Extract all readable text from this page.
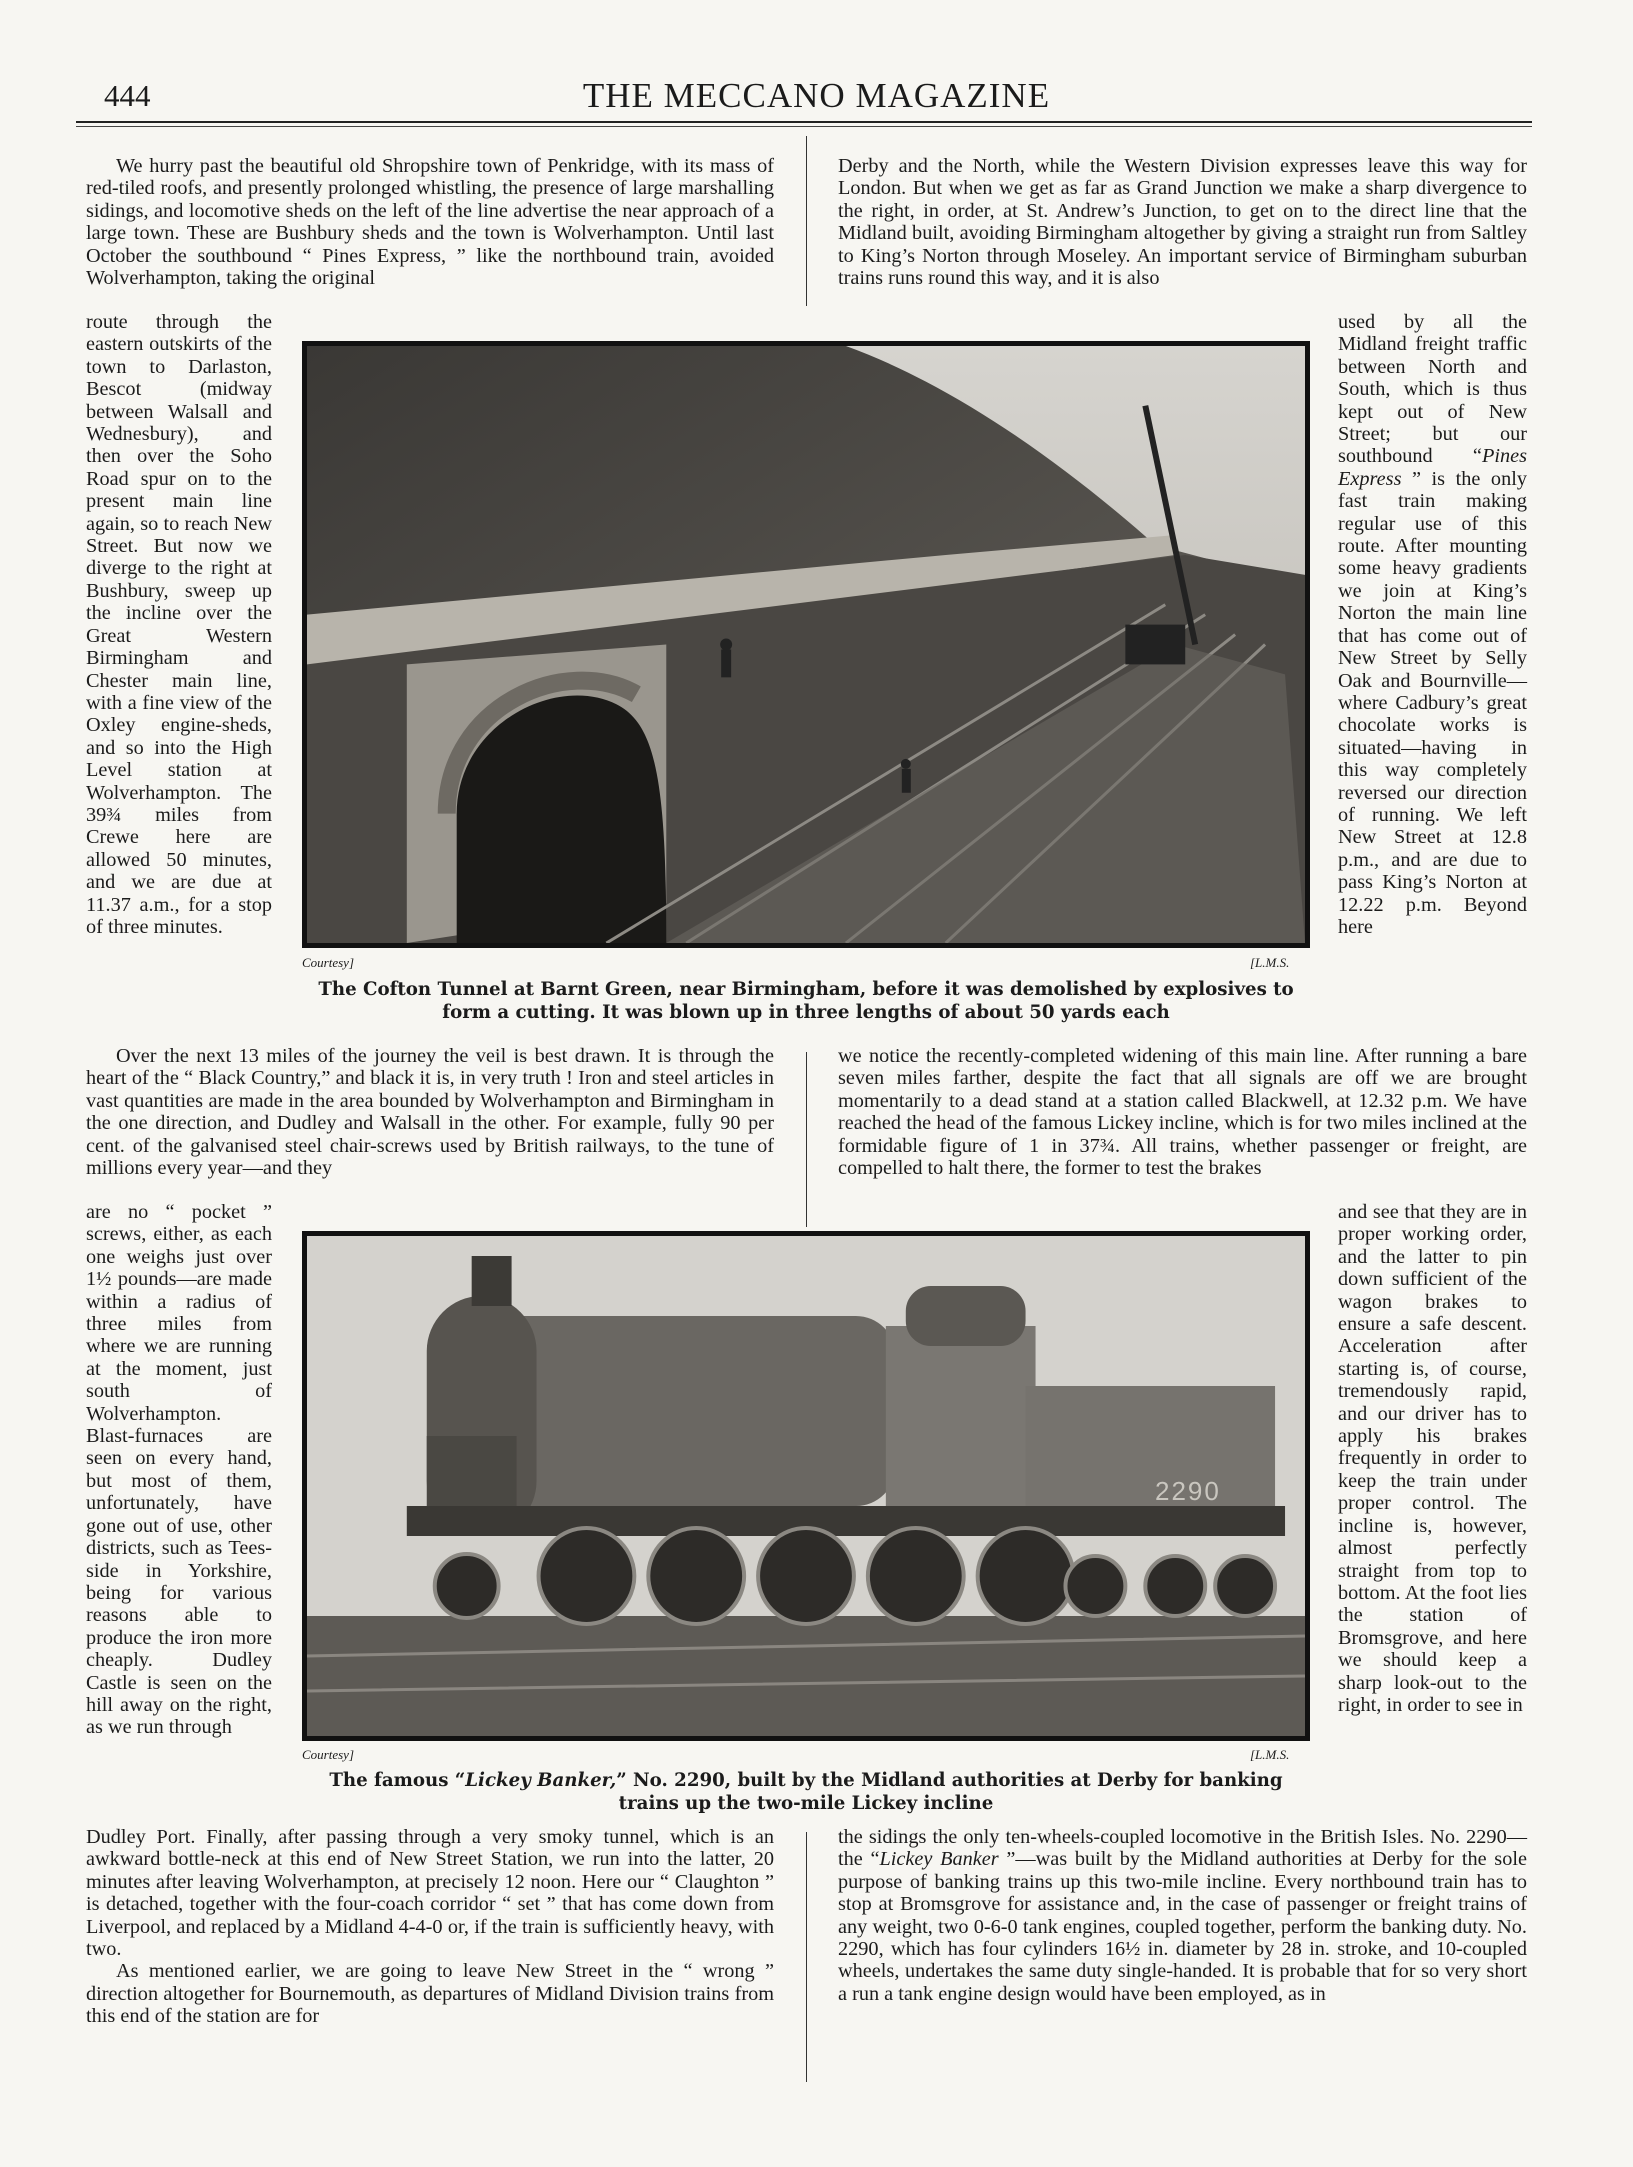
444	THE MECCANO MAGAZINE

We hurry past the beautiful old Shropshire town of Penkridge, with its mass of red-tiled roofs, and presently prolonged whistling, the presence of large marshalling sidings, and locomotive sheds on the left of the line advertise the near approach of a large town. These are Bushbury sheds and the town is Wolverhampton. Until last October the southbound “ Pines Express, ” like the northbound train, avoided Wolverhampton, taking the original

route through the eastern outskirts of the town to Darlaston, Bescot (midway between Walsall and Wednesbury), and then over the Soho Road spur on to the present main line again, so to reach New Street. But now we diverge to the right at Bushbury, sweep up the incline over the Great Western Birmingham and Chester main line, with a fine view of the Oxley engine-sheds, and so into the High Level station at Wolverhampton. The 39¾ miles from Crewe here are allowed 50 minutes, and we are due at 11.37 a.m., for a stop of three minutes.

Derby and the North, while the Western Division expresses leave this way for London. But when we get as far as Grand Junction we make a sharp divergence to the right, in order, at St. Andrew’s Junction, to get on to the direct line that the Midland built, avoiding Birmingham altogether by giving a straight run from Saltley to King’s Norton through Moseley. An important service of Birmingham suburban trains runs round this way, and it is also

used by all the Midland freight traffic between North and South, which is thus kept out of New Street; but our southbound “Pines Express ” is the only fast train making regular use of this route. After mounting some heavy gradients we join at King’s Norton the main line that has come out of New Street by Selly Oak and Bournville—where Cadbury’s great chocolate works is situated—having in this way completely reversed our direction of running. We left New Street at 12.8 p.m., and are due to pass King’s Norton at 12.22 p.m. Beyond here

Courtesy]	[L.M.S.
The Cofton Tunnel at Barnt Green, near Birmingham, before it was demolished by explosives to form a cutting. It was blown up in three lengths of about 50 yards each

Over the next 13 miles of the journey the veil is best drawn. It is through the heart of the “ Black Country,” and black it is, in very truth ! Iron and steel articles in vast quantities are made in the area bounded by Wolverhampton and Birmingham in the one direction, and Dudley and Walsall in the other. For example, fully 90 per cent. of the galvanised steel chair-screws used by British railways, to the tune of millions every year—and they

we notice the recently-completed widening of this main line. After running a bare seven miles farther, despite the fact that all signals are off we are brought momentarily to a dead stand at a station called Blackwell, at 12.32 p.m. We have reached the head of the famous Lickey incline, which is for two miles inclined at the formidable figure of 1 in 37¾. All trains, whether passenger or freight, are compelled to halt there, the former to test the brakes

are no “ pocket ” screws, either, as each one weighs just over 1½ pounds—are made within a radius of three miles from where we are running at the moment, just south of Wolverhampton. Blast-furnaces are seen on every hand, but most of them, unfortunately, have gone out of use, other districts, such as Tees-side in Yorkshire, being for various reasons able to produce the iron more cheaply. Dudley Castle is seen on the hill away on the right, as we run through

and see that they are in proper working order, and the latter to pin down sufficient of the wagon brakes to ensure a safe descent. Acceleration after starting is, of course, tremendously rapid, and our driver has to apply his brakes frequently in order to keep the train under proper control. The incline is, however, almost perfectly straight from top to bottom. At the foot lies the station of Bromsgrove, and here we should keep a sharp look-out to the right, in order to see in

2290
Courtesy]	[L.M.S.
The famous “Lickey Banker,” No. 2290, built by the Midland authorities at Derby for banking trains up the two-mile Lickey incline

Dudley Port. Finally, after passing through a very smoky tunnel, which is an awkward bottle-neck at this end of New Street Station, we run into the latter, 20 minutes after leaving Wolverhampton, at precisely 12 noon. Here our “ Claughton ” is detached, together with the four-coach corridor “ set ” that has come down from Liverpool, and replaced by a Midland 4-4-0 or, if the train is sufficiently heavy, with two.

As mentioned earlier, we are going to leave New Street in the “ wrong ” direction altogether for Bournemouth, as departures of Midland Division trains from this end of the station are for

the sidings the only ten-wheels-coupled locomotive in the British Isles. No. 2290—the “Lickey Banker ”—was built by the Midland authorities at Derby for the sole purpose of banking trains up this two-mile incline. Every northbound train has to stop at Bromsgrove for assistance and, in the case of passenger or freight trains of any weight, two 0-6-0 tank engines, coupled together, perform the banking duty. No. 2290, which has four cylinders 16½ in. diameter by 28 in. stroke, and 10-coupled wheels, undertakes the same duty single-handed. It is probable that for so very short a run a tank engine design would have been employed, as in
